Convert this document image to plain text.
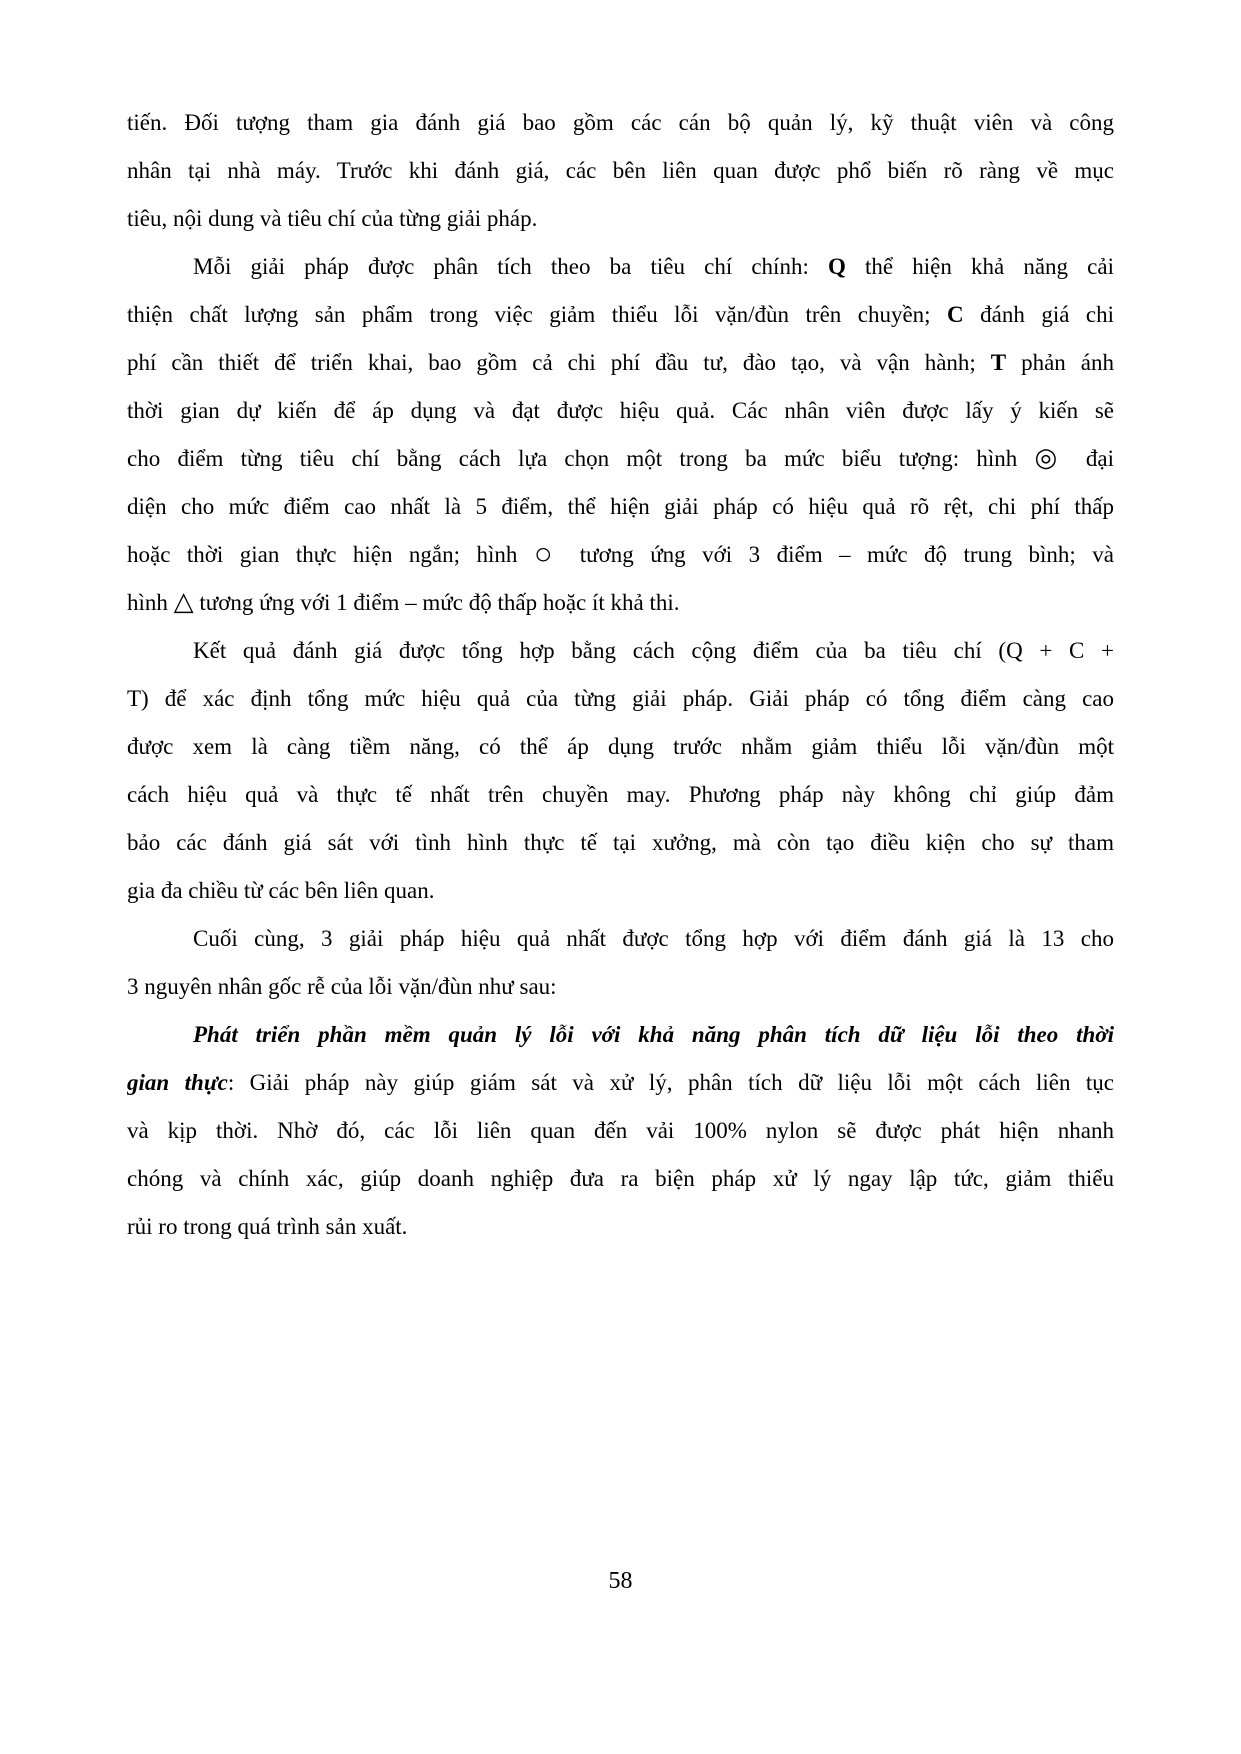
tiến. Đối tượng tham gia đánh giá bao gồm các cán bộ quản lý, kỹ thuật viên và công
nhân tại nhà máy. Trước khi đánh giá, các bên liên quan được phổ biến rõ ràng về mục
tiêu, nội dung và tiêu chí của từng giải pháp.
Mỗi giải pháp được phân tích theo ba tiêu chí chính: Q thể hiện khả năng cải
thiện chất lượng sản phẩm trong việc giảm thiểu lỗi vặn/đùn trên chuyền; C đánh giá chi
phí cần thiết để triển khai, bao gồm cả chi phí đầu tư, đào tạo, và vận hành; T phản ánh
thời gian dự kiến để áp dụng và đạt được hiệu quả. Các nhân viên được lấy ý kiến sẽ
cho điểm từng tiêu chí bằng cách lựa chọn một trong ba mức biểu tượng: hình ◎ đại
diện cho mức điểm cao nhất là 5 điểm, thể hiện giải pháp có hiệu quả rõ rệt, chi phí thấp
hoặc thời gian thực hiện ngắn; hình ○ tương ứng với 3 điểm – mức độ trung bình; và
hình △ tương ứng với 1 điểm – mức độ thấp hoặc ít khả thi.
Kết quả đánh giá được tổng hợp bằng cách cộng điểm của ba tiêu chí (Q + C +
T) để xác định tổng mức hiệu quả của từng giải pháp. Giải pháp có tổng điểm càng cao
được xem là càng tiềm năng, có thể áp dụng trước nhằm giảm thiểu lỗi vặn/đùn một
cách hiệu quả và thực tế nhất trên chuyền may. Phương pháp này không chỉ giúp đảm
bảo các đánh giá sát với tình hình thực tế tại xưởng, mà còn tạo điều kiện cho sự tham
gia đa chiều từ các bên liên quan.
Cuối cùng, 3 giải pháp hiệu quả nhất được tổng hợp với điểm đánh giá là 13 cho
3 nguyên nhân gốc rễ của lỗi vặn/đùn như sau:
Phát triển phần mềm quản lý lỗi với khả năng phân tích dữ liệu lỗi theo thời
gian thực: Giải pháp này giúp giám sát và xử lý, phân tích dữ liệu lỗi một cách liên tục
và kịp thời. Nhờ đó, các lỗi liên quan đến vải 100% nylon sẽ được phát hiện nhanh
chóng và chính xác, giúp doanh nghiệp đưa ra biện pháp xử lý ngay lập tức, giảm thiểu
rủi ro trong quá trình sản xuất.
58
